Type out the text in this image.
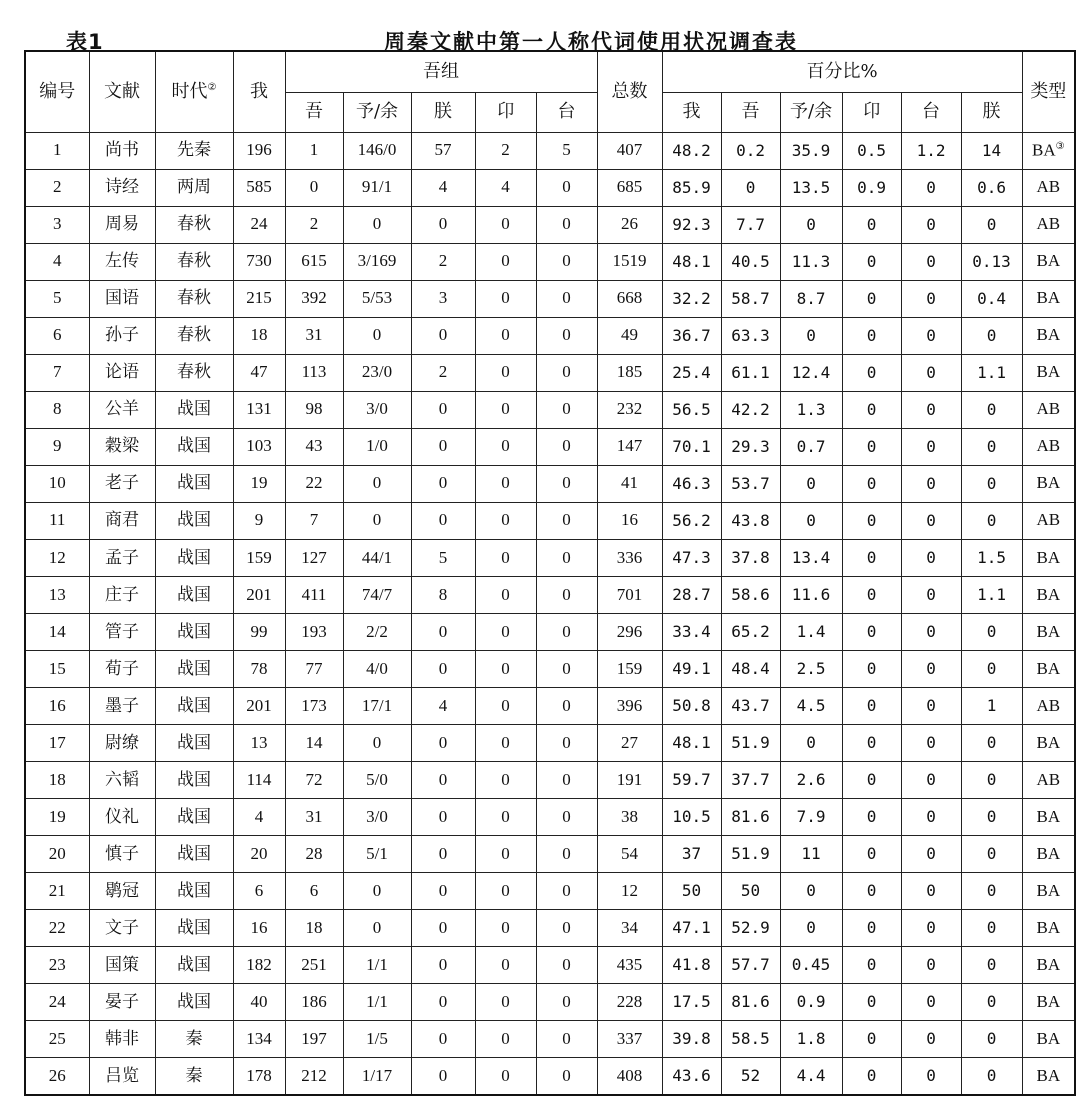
表1	周秦文献中第一人称代词使用状况调查表
编号	文献	时代②	我	吾组					总数	百分比%						类型
				吾	予/余	朕	卬	台		我	吾	予/余	卬	台	朕	
1	尚书	先秦	196	1	146/0	57	2	5	407	48.2	0.2	35.9	0.5	1.2	14	BA③
2	诗经	两周	585	0	91/1	4	4	0	685	85.9	0	13.5	0.9	0	0.6	AB
3	周易	春秋	24	2	0	0	0	0	26	92.3	7.7	0	0	0	0	AB
4	左传	春秋	730	615	3/169	2	0	0	1519	48.1	40.5	11.3	0	0	0.13	BA
5	国语	春秋	215	392	5/53	3	0	0	668	32.2	58.7	8.7	0	0	0.4	BA
6	孙子	春秋	18	31	0	0	0	0	49	36.7	63.3	0	0	0	0	BA
7	论语	春秋	47	113	23/0	2	0	0	185	25.4	61.1	12.4	0	0	1.1	BA
8	公羊	战国	131	98	3/0	0	0	0	232	56.5	42.2	1.3	0	0	0	AB
9	穀梁	战国	103	43	1/0	0	0	0	147	70.1	29.3	0.7	0	0	0	AB
10	老子	战国	19	22	0	0	0	0	41	46.3	53.7	0	0	0	0	BA
11	商君	战国	9	7	0	0	0	0	16	56.2	43.8	0	0	0	0	AB
12	孟子	战国	159	127	44/1	5	0	0	336	47.3	37.8	13.4	0	0	1.5	BA
13	庄子	战国	201	411	74/7	8	0	0	701	28.7	58.6	11.6	0	0	1.1	BA
14	管子	战国	99	193	2/2	0	0	0	296	33.4	65.2	1.4	0	0	0	BA
15	荀子	战国	78	77	4/0	0	0	0	159	49.1	48.4	2.5	0	0	0	BA
16	墨子	战国	201	173	17/1	4	0	0	396	50.8	43.7	4.5	0	0	1	AB
17	尉缭	战国	13	14	0	0	0	0	27	48.1	51.9	0	0	0	0	BA
18	六韬	战国	114	72	5/0	0	0	0	191	59.7	37.7	2.6	0	0	0	AB
19	仪礼	战国	4	31	3/0	0	0	0	38	10.5	81.6	7.9	0	0	0	BA
20	慎子	战国	20	28	5/1	0	0	0	54	37	51.9	11	0	0	0	BA
21	鹖冠	战国	6	6	0	0	0	0	12	50	50	0	0	0	0	BA
22	文子	战国	16	18	0	0	0	0	34	47.1	52.9	0	0	0	0	BA
23	国策	战国	182	251	1/1	0	0	0	435	41.8	57.7	0.45	0	0	0	BA
24	晏子	战国	40	186	1/1	0	0	0	228	17.5	81.6	0.9	0	0	0	BA
25	韩非	秦	134	197	1/5	0	0	0	337	39.8	58.5	1.8	0	0	0	BA
26	吕览	秦	178	212	1/17	0	0	0	408	43.6	52	4.4	0	0	0	BA
